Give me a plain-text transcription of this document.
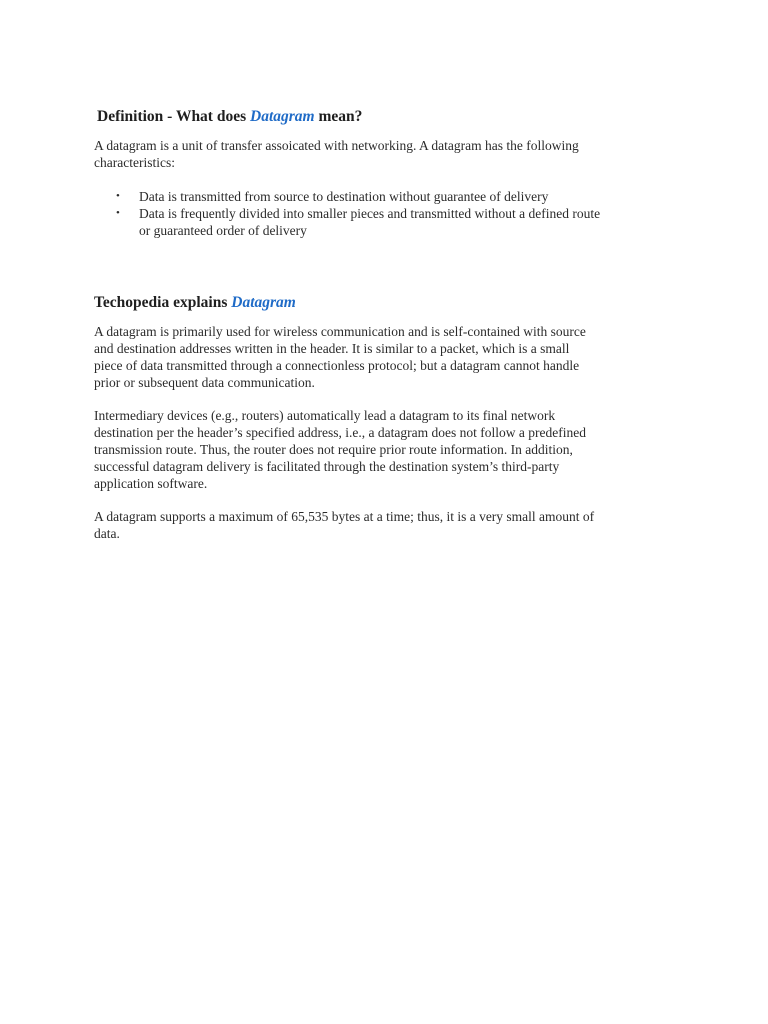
Definition - What does Datagram mean?
A datagram is a unit of transfer assoicated with networking. A datagram has the following
characteristics:
• Data is transmitted from source to destination without guarantee of delivery
• Data is frequently divided into smaller pieces and transmitted without a defined route
or guaranteed order of delivery
Techopedia explains Datagram
A datagram is primarily used for wireless communication and is self-contained with source
and destination addresses written in the header. It is similar to a packet, which is a small
piece of data transmitted through a connectionless protocol; but a datagram cannot handle
prior or subsequent data communication.
Intermediary devices (e.g., routers) automatically lead a datagram to its final network
destination per the header’s specified address, i.e., a datagram does not follow a predefined
transmission route. Thus, the router does not require prior route information. In addition,
successful datagram delivery is facilitated through the destination system’s third-party
application software.
A datagram supports a maximum of 65,535 bytes at a time; thus, it is a very small amount of
data.
